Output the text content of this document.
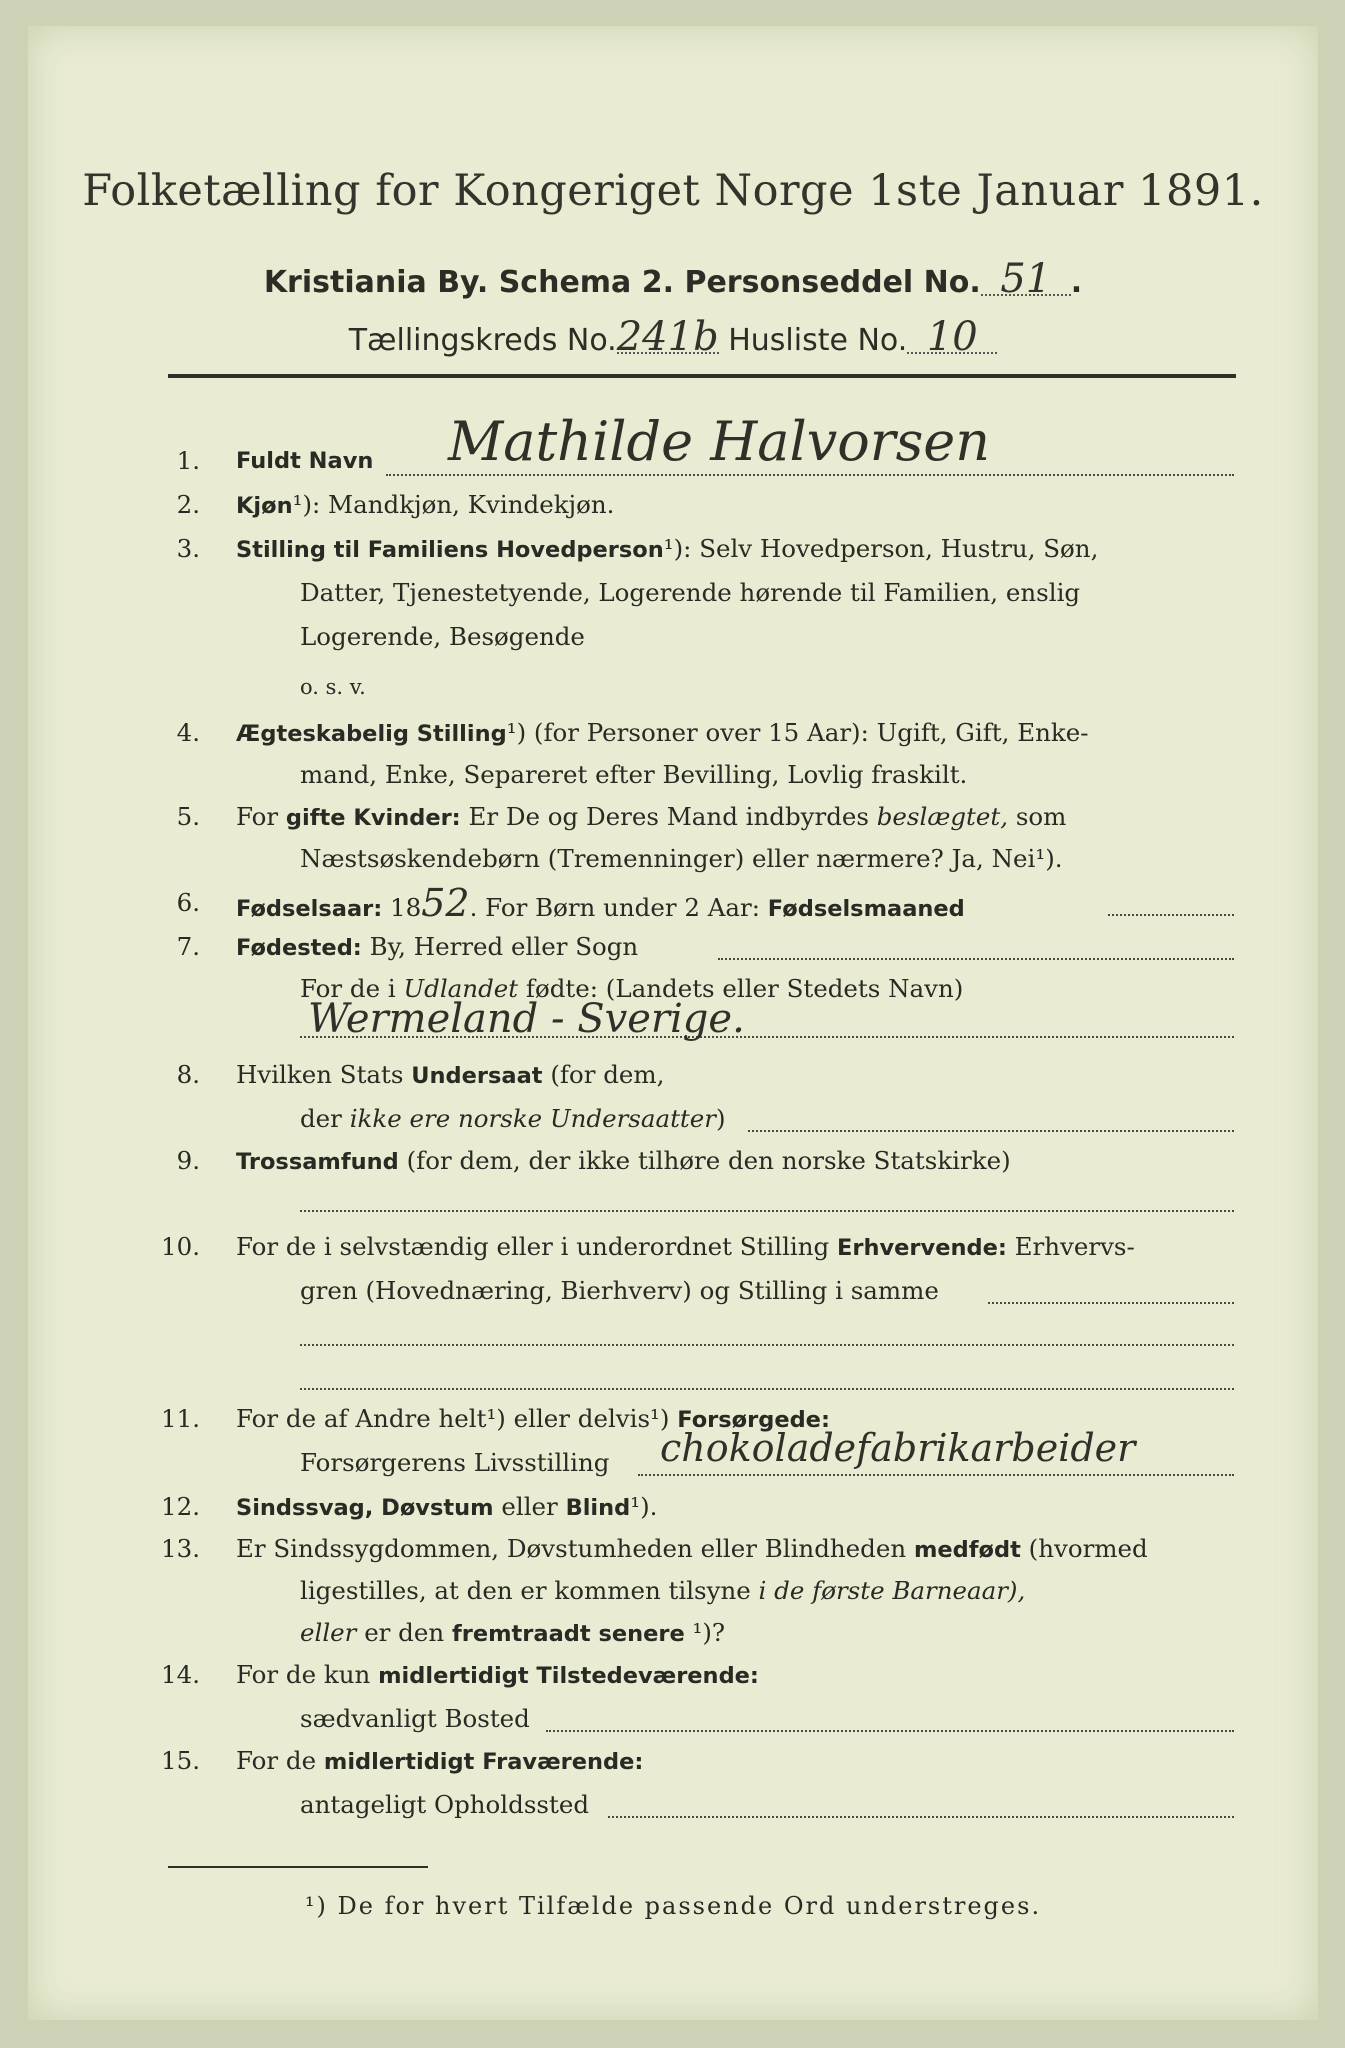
Folketælling for Kongeriget Norge 1ste Januar 1891.
Kristiania By. Schema 2. Personseddel No. 51 .
Tællingskreds No.241b Husliste No. 10
1. Fuldt Navn Mathilde Halvorsen
2. Kjøn¹): Mandkjøn, Kvindekjøn.
3. Stilling til Familiens Hovedperson¹): Selv Hovedperson, Hustru, Søn,
Datter, Tjenestetyende, Logerende hørende til Familien, enslig
Logerende, Besøgende
o. s. v.
4. Ægteskabelig Stilling¹) (for Personer over 15 Aar): Ugift, Gift, Enke-
mand, Enke, Separeret efter Bevilling, Lovlig fraskilt.
5. For gifte Kvinder: Er De og Deres Mand indbyrdes beslægtet, som
Næstsøskendebørn (Tremenninger) eller nærmere? Ja, Nei¹).
6. Fødselsaar: 1852. For Børn under 2 Aar: Fødselsmaaned
7. Fødested: By, Herred eller Sogn
For de i Udlandet fødte: (Landets eller Stedets Navn)
Wermeland - Sverige.
8. Hvilken Stats Undersaat (for dem,
der ikke ere norske Undersaatter)
9. Trossamfund (for dem, der ikke tilhøre den norske Statskirke)
10. For de i selvstændig eller i underordnet Stilling Erhvervende: Erhvervs-
gren (Hovednæring, Bierhverv) og Stilling i samme
11. For de af Andre helt¹) eller delvis¹) Forsørgede:
Forsørgerens Livsstilling chokoladefabrikarbeider
12. Sindssvag, Døvstum eller Blind¹).
13. Er Sindssygdommen, Døvstumheden eller Blindheden medfødt (hvormed
ligestilles, at den er kommen tilsyne i de første Barneaar),
eller er den fremtraadt senere ¹)?
14. For de kun midlertidigt Tilstedeværende:
sædvanligt Bosted
15. For de midlertidigt Fraværende:
antageligt Opholdssted
¹) De for hvert Tilfælde passende Ord understreges.
